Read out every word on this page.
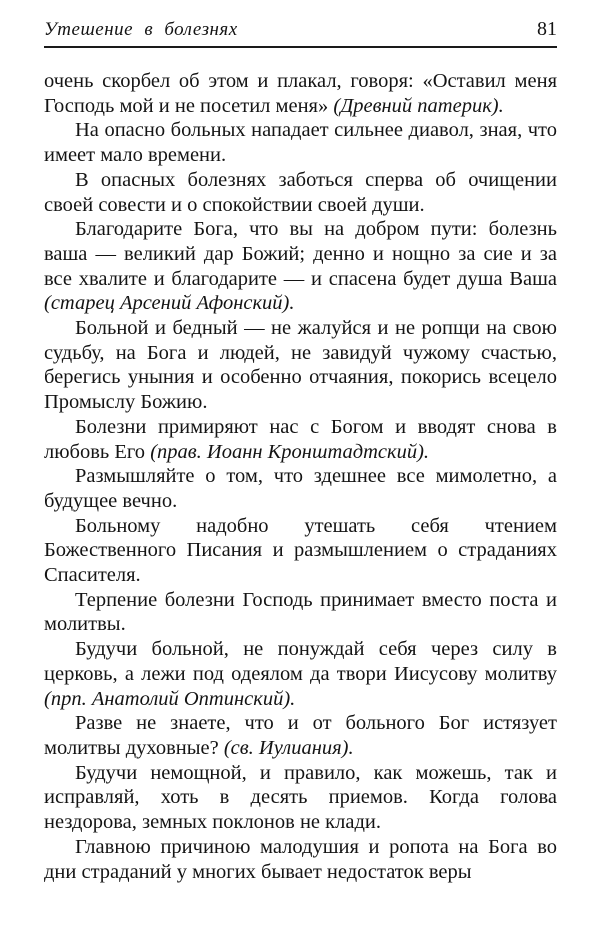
Утешение в болезнях	81

очень скорбел об этом и плакал, говоря: «Оставил меня Господь мой и не посетил меня» (Древний патерик).

На опасно больных нападает сильнее диавол, зная, что имеет мало времени.

В опасных болезнях заботься сперва об очищении своей совести и о спокойствии своей души.

Благодарите Бога, что вы на добром пути: болезнь ваша — великий дар Божий; денно и нощно за сие и за все хвалите и благодарите — и спасена будет душа Ваша (старец Арсений Афонский).

Больной и бедный — не жалуйся и не ропщи на свою судьбу, на Бога и людей, не завидуй чужому счастью, берегись уныния и особенно отчаяния, покорись всецело Промыслу Божию.

Болезни примиряют нас с Богом и вводят снова в любовь Его (прав. Иоанн Кронштадтский).

Размышляйте о том, что здешнее все мимолетно, а будущее вечно.

Больному надобно утешать себя чтением Божественного Писания и размышлением о страданиях Спасителя.

Терпение болезни Господь принимает вместо поста и молитвы.

Будучи больной, не понуждай себя через силу в церковь, а лежи под одеялом да твори Иисусову молитву (прп. Анатолий Оптинский).

Разве не знаете, что и от больного Бог истязует молитвы духовные? (св. Иулиания).

Будучи немощной, и правило, как можешь, так и исправляй, хоть в десять приемов. Когда голова нездорова, земных поклонов не клади.

Главною причиною малодушия и ропота на Бога во дни страданий у многих бывает недостаток веры
